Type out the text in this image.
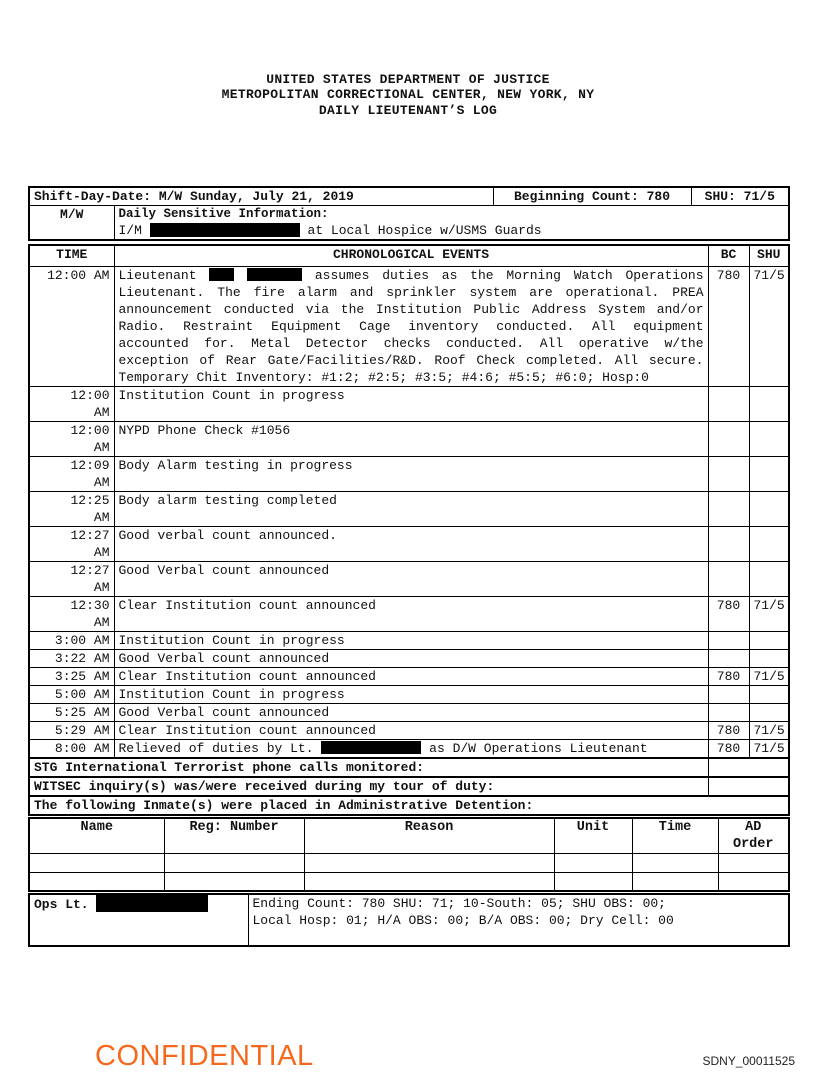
UNITED STATES DEPARTMENT OF JUSTICE
METROPOLITAN CORRECTIONAL CENTER, NEW YORK, NY
DAILY LIEUTENANT’S LOG
Shift-Day-Date: M/W Sunday, July 21, 2019		Beginning Count: 780	SHU: 71/5
M/W	Daily Sensitive Information:
I/M at Local Hospice w/USMS Guards		
TIME	CHRONOLOGICAL EVENTS	BC	SHU

12:00 AM	Lieutenant assumes duties as the Morning Watch Operations Lieutenant. The fire alarm and sprinkler system are operational. PREA announcement conducted via the Institution Public Address System and/or Radio. Restraint Equipment Cage inventory conducted. All equipment accounted for. Metal Detector checks conducted. All operative w/the exception of Rear Gate/Facilities/R&D. Roof Check completed. All secure. Temporary Chit Inventory: #1:2; #2:5; #3:5; #4:6; #5:5; #6:0; Hosp:0	780	71/5

12:00
AM	Institution Count in progress		

12:00
AM	NYPD Phone Check #1056		

12:09
AM	Body Alarm testing in progress		

12:25
AM	Body alarm testing completed		

12:27
AM	Good verbal count announced.		

12:27
AM	Good Verbal count announced		

12:30
AM	Clear Institution count announced	780	71/5

3:00 AM	Institution Count in progress		

3:22 AM	Good Verbal count announced		

3:25 AM	Clear Institution count announced	780	71/5

5:00 AM	Institution Count in progress		

5:25 AM	Good Verbal count announced		

5:29 AM	Clear Institution count announced	780	71/5

8:00 AM	Relieved of duties by Lt. as D/W Operations Lieutenant	780	71/5
STG International Terrorist phone calls monitored:			
WITSEC inquiry(s) was/were received during my tour of duty:			
The following Inmate(s) were placed in Administrative Detention:			
Name	Reg: Number	Reason	Unit	Time	AD Order

Ops Lt.	Ending Count: 780 SHU: 71; 10-South: 05; SHU OBS: 00;
Local Hosp: 01; H/A OBS: 00; B/A OBS: 00; Dry Cell: 00
CONFIDENTIAL	SDNY_00011525
